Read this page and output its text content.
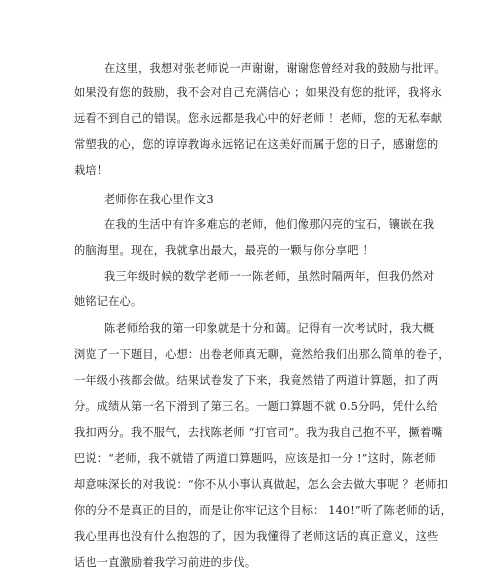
在这里，我想对张老师说一声谢谢，谢谢您曾经对我的鼓励与批评。
如果没有您的鼓励，我不会对自己充满信心 ；如果没有您的批评，我将永
远看不到自己的错误。您永远都是我心中的好老师 ！老师，您的无私奉献
常塑我的心，您的谆谆教诲永远铭记在这美好而属于您的日子，感谢您的
栽培！
老师你在我心里作文3
在我的生活中有许多难忘的老师，他们像那闪亮的宝石，镶嵌在我
的脑海里。现在，我就拿出最大，最亮的一颗与你分享吧 ！
我三年级时候的数学老师一一陈老师，虽然时隔两年，但我仍然对
她铭记在心。
陈老师给我的第一印象就是十分和蔼。记得有一次考试时，我大概
浏览了一下题目，心想：出卷老师真无聊，竟然给我们出那么简单的卷子，
一年级小孩都会做。结果试卷发了下来，我竟然错了两道计算题，扣了两
分。成绩从第一名下滑到了第三名。一题口算题不就 0.5分吗，凭什么给
我扣两分。我不服气，去找陈老师 “打官司”。我为我自己抱不平，撅着嘴
巴说：“老师，我不就错了两道口算题吗，应该是扣一分 !”这时，陈老师
却意味深长的对我说：“你不从小事认真做起，怎么会去做大事呢 ？老师扣
你的分不是真正的目的，而是让你牢记这个目标： 140!”听了陈老师的话，
我心里再也没有什么抱怨的了，因为我懂得了老师这话的真正意义，这些
话也一直激励着我学习前进的步伐。
